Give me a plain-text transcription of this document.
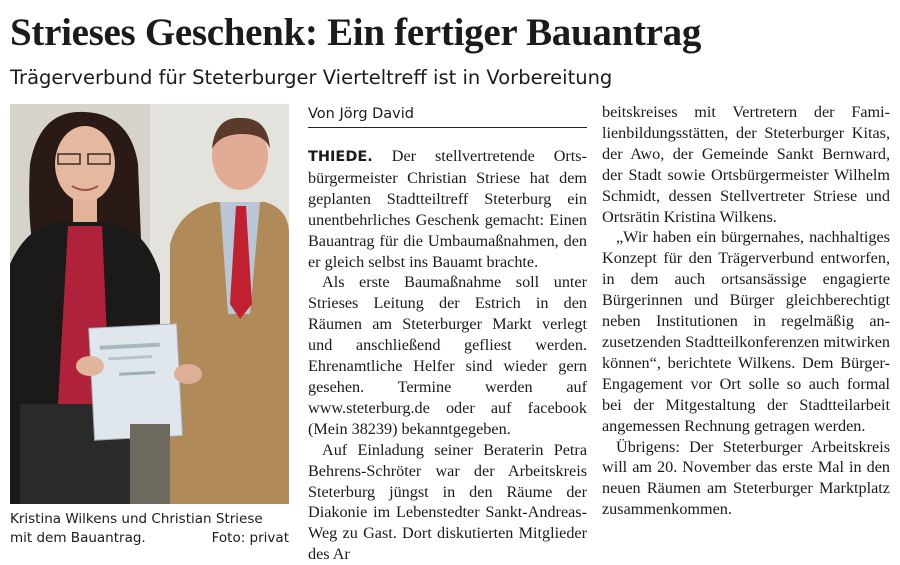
Strieses Geschenk: Ein fertiger Bauantrag
Trägerverbund für Steterburger Vierteltreff ist in Vorbereitung
Kristina Wilkens und Christian Striese
mit dem Bauantrag.	Foto: privat
Von Jörg David

THIEDE. Der stellvertretende Ortsbürgermeister Christian Striese hat dem geplanten Stadtteiltreff Steterburg ein unentbehrliches Geschenk gemacht: Einen Bauantrag für die Umbaumaßnahmen, den er gleich selbst ins Bauamt brachte.

Als erste Baumaßnahme soll unter Strieses Leitung der Estrich in den Räumen am Steterburger Markt verlegt und anschließend gefliest werden. Ehrenamtliche Helfer sind wieder gern gesehen. Termine werden auf www.steterburg.de oder auf facebook (Mein 38239) bekanntgegeben.

Auf Einladung seiner Beraterin Petra Behrens-Schröter war der Arbeitskreis Steterburg jüngst in den Räume der Diakonie im Lebenstedter Sankt-Andreas-Weg zu Gast. Dort diskutierten Mitglieder des Ar

beitskreises mit Vertretern der Familienbildungsstätten, der Steterburger Kitas, der Awo, der Gemeinde Sankt Bernward, der Stadt sowie Ortsbürgermeister Wilhelm Schmidt, dessen Stellvertreter Striese und Ortsrätin Kristina Wilkens.

„Wir haben ein bürgernahes, nachhaltiges Konzept für den Trägerverbund entworfen, in dem auch ortsansässige engagierte Bürgerinnen und Bürger gleichberechtigt neben Institutionen in regelmäßig anzusetzenden Stadtteilkonferenzen mitwirken können“, berichtete Wilkens. Dem Bürger-Engagement vor Ort solle so auch formal bei der Mitgestaltung der Stadtteilarbeit angemessen Rechnung getragen werden.

Übrigens: Der Steterburger Arbeitskreis will am 20. November das erste Mal in den neuen Räumen am Steterburger Marktplatz zusammenkommen.
